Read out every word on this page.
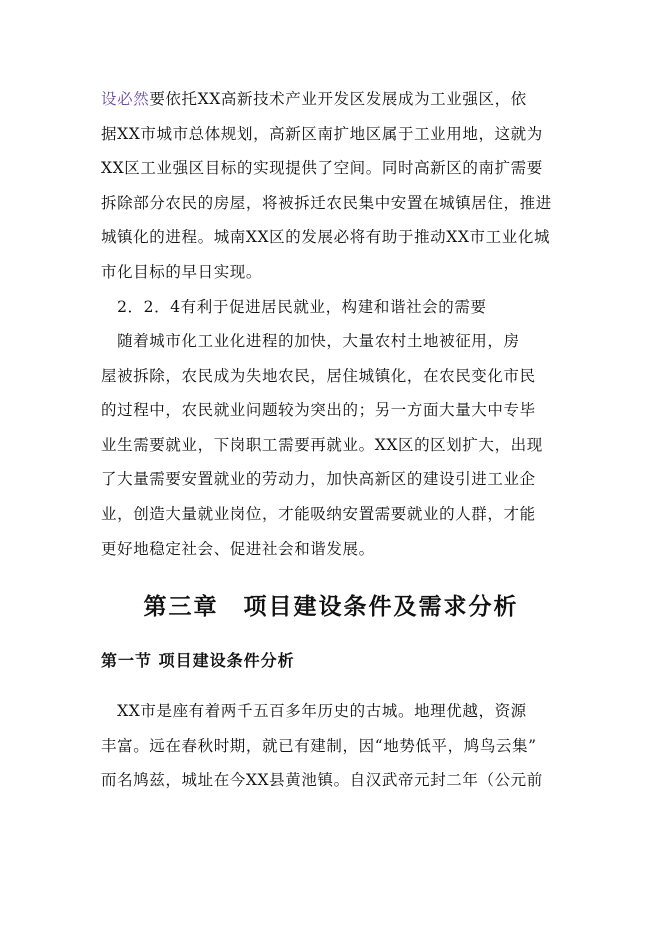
设必然要依托XX高新技术产业开发区发展成为工业强区，依
据XX市城市总体规划，高新区南扩地区属于工业用地，这就为
XX区工业强区目标的实现提供了空间。同时高新区的南扩需要
拆除部分农民的房屋，将被拆迁农民集中安置在城镇居住，推进
城镇化的进程。城南XX区的发展必将有助于推动XX市工业化城
市化目标的早日实现。
　2．2．4有利于促进居民就业，构建和谐社会的需要
　随着城市化工业化进程的加快，大量农村土地被征用，房
屋被拆除，农民成为失地农民，居住城镇化，在农民变化市民
的过程中，农民就业问题较为突出的；另一方面大量大中专毕
业生需要就业，下岗职工需要再就业。XX区的区划扩大，出现
了大量需要安置就业的劳动力，加快高新区的建设引进工业企
业，创造大量就业岗位，才能吸纳安置需要就业的人群，才能
更好地稳定社会、促进社会和谐发展。
第三章　项目建设条件及需求分析
第一节 项目建设条件分析
　XX市是座有着两千五百多年历史的古城。地理优越，资源
丰富。远在春秋时期，就已有建制，因“地势低平，鸠鸟云集”
而名鸠兹，城址在今XX县黄池镇。自汉武帝元封二年（公元前
